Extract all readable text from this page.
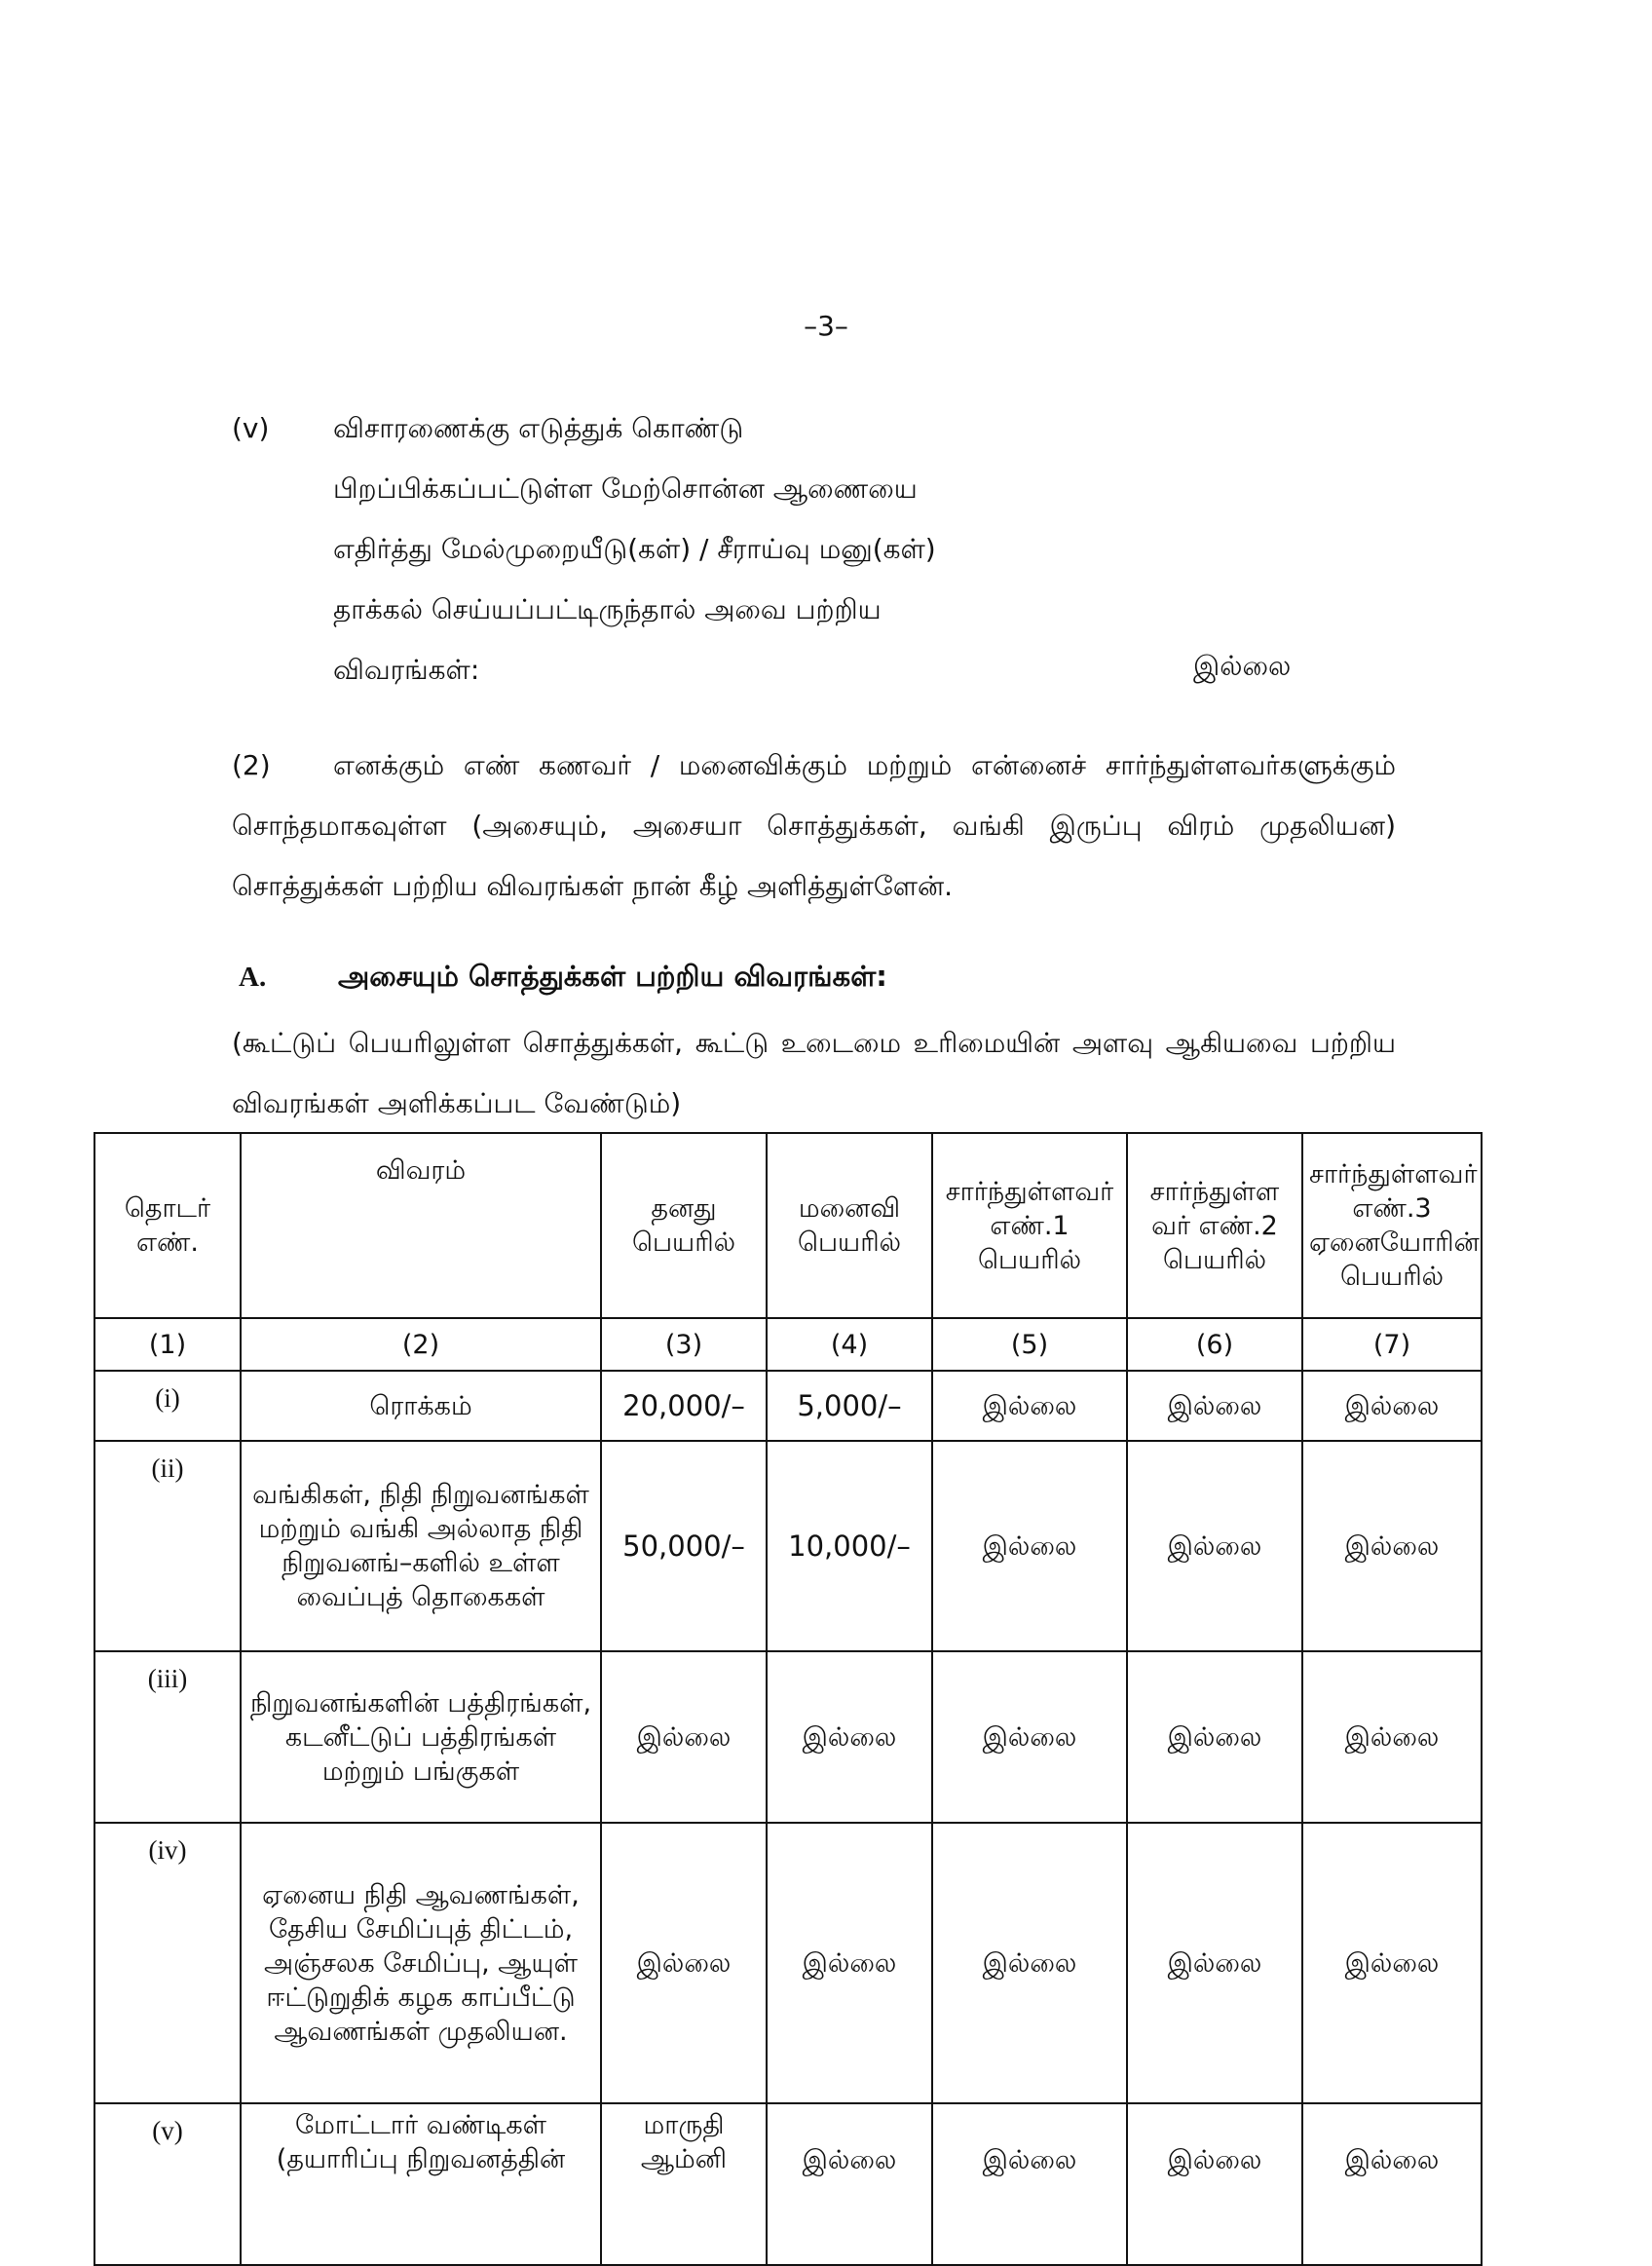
–3–
(v) விசாரணைக்கு எடுத்துக் கொண்டு
பிறப்பிக்கப்பட்டுள்ள மேற்சொன்ன ஆணையை
எதிர்த்து மேல்முறையீடு(கள்) / சீராய்வு மனு(கள்)
தாக்கல் செய்யப்பட்டிருந்தால் அவை பற்றிய
விவரங்கள்:	இல்லை
(2) எனக்கும் எண் கணவர் / மனைவிக்கும் மற்றும் என்னைச் சார்ந்துள்ளவர்களுக்கும் சொந்தமாகவுள்ள (அசையும், அசையா சொத்துக்கள், வங்கி இருப்பு விரம் முதலியன) சொத்துக்கள் பற்றிய விவரங்கள் நான் கீழ் அளித்துள்ளேன்.
A.	அசையும் சொத்துக்கள் பற்றிய விவரங்கள்:
(கூட்டுப் பெயரிலுள்ள சொத்துக்கள், கூட்டு உடைமை உரிமையின் அளவு ஆகியவை பற்றிய விவரங்கள் அளிக்கப்பட வேண்டும்)
தொடர் எண்.	விவரம்	தனது பெயரில்	மனைவி பெயரில்	சார்ந்துள்ளவர் எண்.1 பெயரில்	சார்ந்துள்ள வர் எண்.2 பெயரில்	சார்ந்துள்ளவர் எண்.3 ஏனையோரின் பெயரில்
(1)	(2)	(3)	(4)	(5)	(6)	(7)
(i)	ரொக்கம்	20,000/–	5,000/–	இல்லை	இல்லை	இல்லை
(ii)	வங்கிகள், நிதி நிறுவனங்கள் மற்றும் வங்கி அல்லாத நிதி நிறுவனங்–களில் உள்ள வைப்புத் தொகைகள்	50,000/–	10,000/–	இல்லை	இல்லை	இல்லை
(iii)	நிறுவனங்களின் பத்திரங்கள், கடனீட்டுப் பத்திரங்கள் மற்றும் பங்குகள்	இல்லை	இல்லை	இல்லை	இல்லை	இல்லை
(iv)	ஏனைய நிதி ஆவணங்கள், தேசிய சேமிப்புத் திட்டம், அஞ்சலக சேமிப்பு, ஆயுள் ஈட்டுறுதிக் கழக காப்பீட்டு ஆவணங்கள் முதலியன.	இல்லை	இல்லை	இல்லை	இல்லை	இல்லை
(v)	மோட்டார் வண்டிகள் (தயாரிப்பு நிறுவனத்தின்	மாருதி ஆம்னி	இல்லை	இல்லை	இல்லை	இல்லை
